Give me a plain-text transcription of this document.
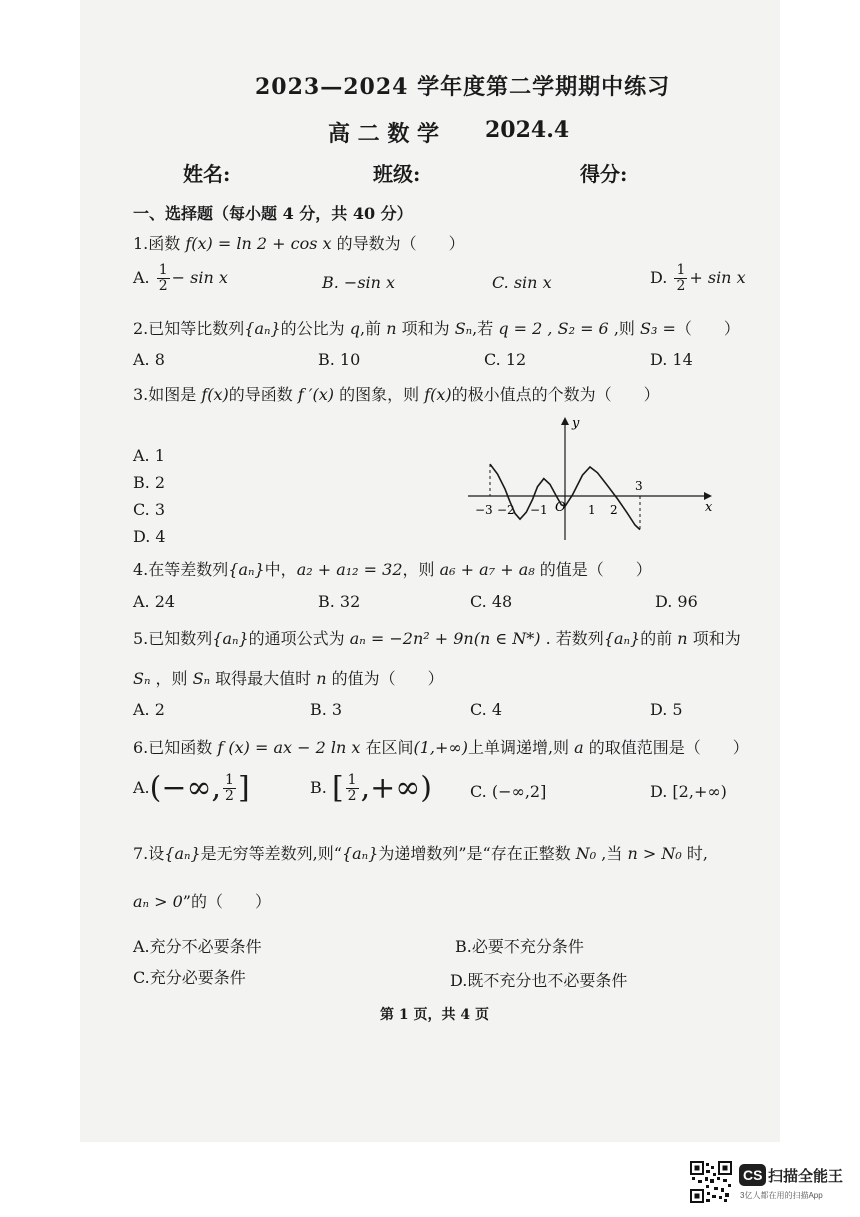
2023—2024 学年度第二学期期中练习
高 二 数 学 2024.4
姓名:	班级:	得分:
一、选择题（每小题 4 分，共 40 分）
1.函数 f(x) = ln 2 + cos x 的导数为（　　）
A. $\frac{1}{2} - \sin x$	B. −sin x	C. sin x	D. $\frac{1}{2} + \sin x$
2.已知等比数列{aₙ}的公比为 q,前 n 项和为 Sₙ,若 q = 2 , S₂ = 6 ,则 S₃ =（　　）
A. 8	B. 10	C. 12	D. 14
3.如图是 f(x)的导函数 f ′(x) 的图象，则 f(x)的极小值点的个数为（　　）
A. 1
B. 2
C. 3
D. 4
y
x
O
−3 −2 −1	1 2
3
4.在等差数列{aₙ}中，a₂ + a₁₂ = 32，则 a₆ + a₇ + a₈ 的值是（　　）
A. 24	B. 32	C. 48	D. 96
5.已知数列{aₙ}的通项公式为 aₙ = −2n² + 9n(n ∈ N*) . 若数列{aₙ}的前 n 项和为
Sₙ ，则 Sₙ 取得最大值时 n 的值为（　　）
A. 2	B. 3	C. 4	D. 5
6.已知函数 f (x) = ax − 2 ln x 在区间(1,+∞)上单调递增,则 a 的取值范围是（　　）
A.(−∞, $\frac{1}{2}$ ]	B. [ $\frac{1}{2}$ ,+∞) C. (−∞,2]	D. [2,+∞)
7.设{aₙ}是无穷等差数列,则“{aₙ}为递增数列”是“存在正整数 N₀ ,当 n > N₀ 时,
aₙ > 0”的（　　）
A.充分不必要条件	B.必要不充分条件
C.充分必要条件	D.既不充分也不必要条件
第 1 页，共 4 页
CS 扫描全能王
3亿人都在用的扫描App
